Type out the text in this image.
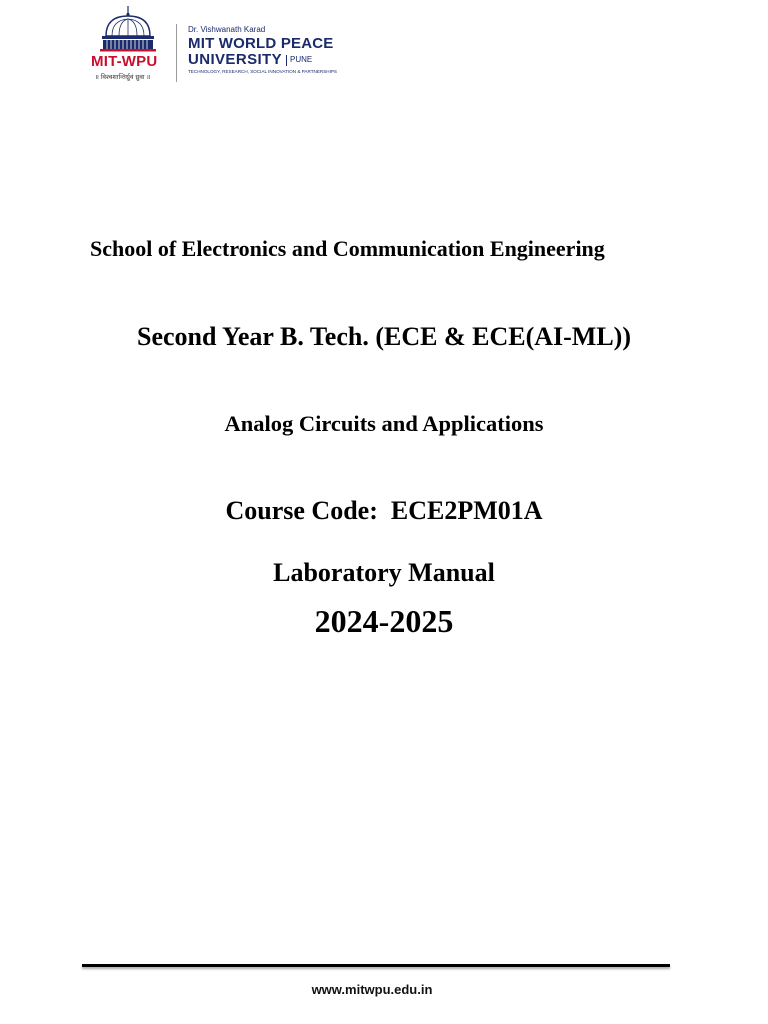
MIT-WPU
॥ विश्वशान्तिर्ध्रुवं ध्रुवा ॥
Dr. Vishwanath Karad
MIT WORLD PEACE
UNIVERSITY PUNE
TECHNOLOGY, RESEARCH, SOCIAL INNOVATION & PARTNERSHIPS
School of Electronics and Communication Engineering
Second Year B. Tech. (ECE & ECE(AI-ML))
Analog Circuits and Applications
Course Code:  ECE2PM01A
Laboratory Manual
2024-2025
www.mitwpu.edu.in
